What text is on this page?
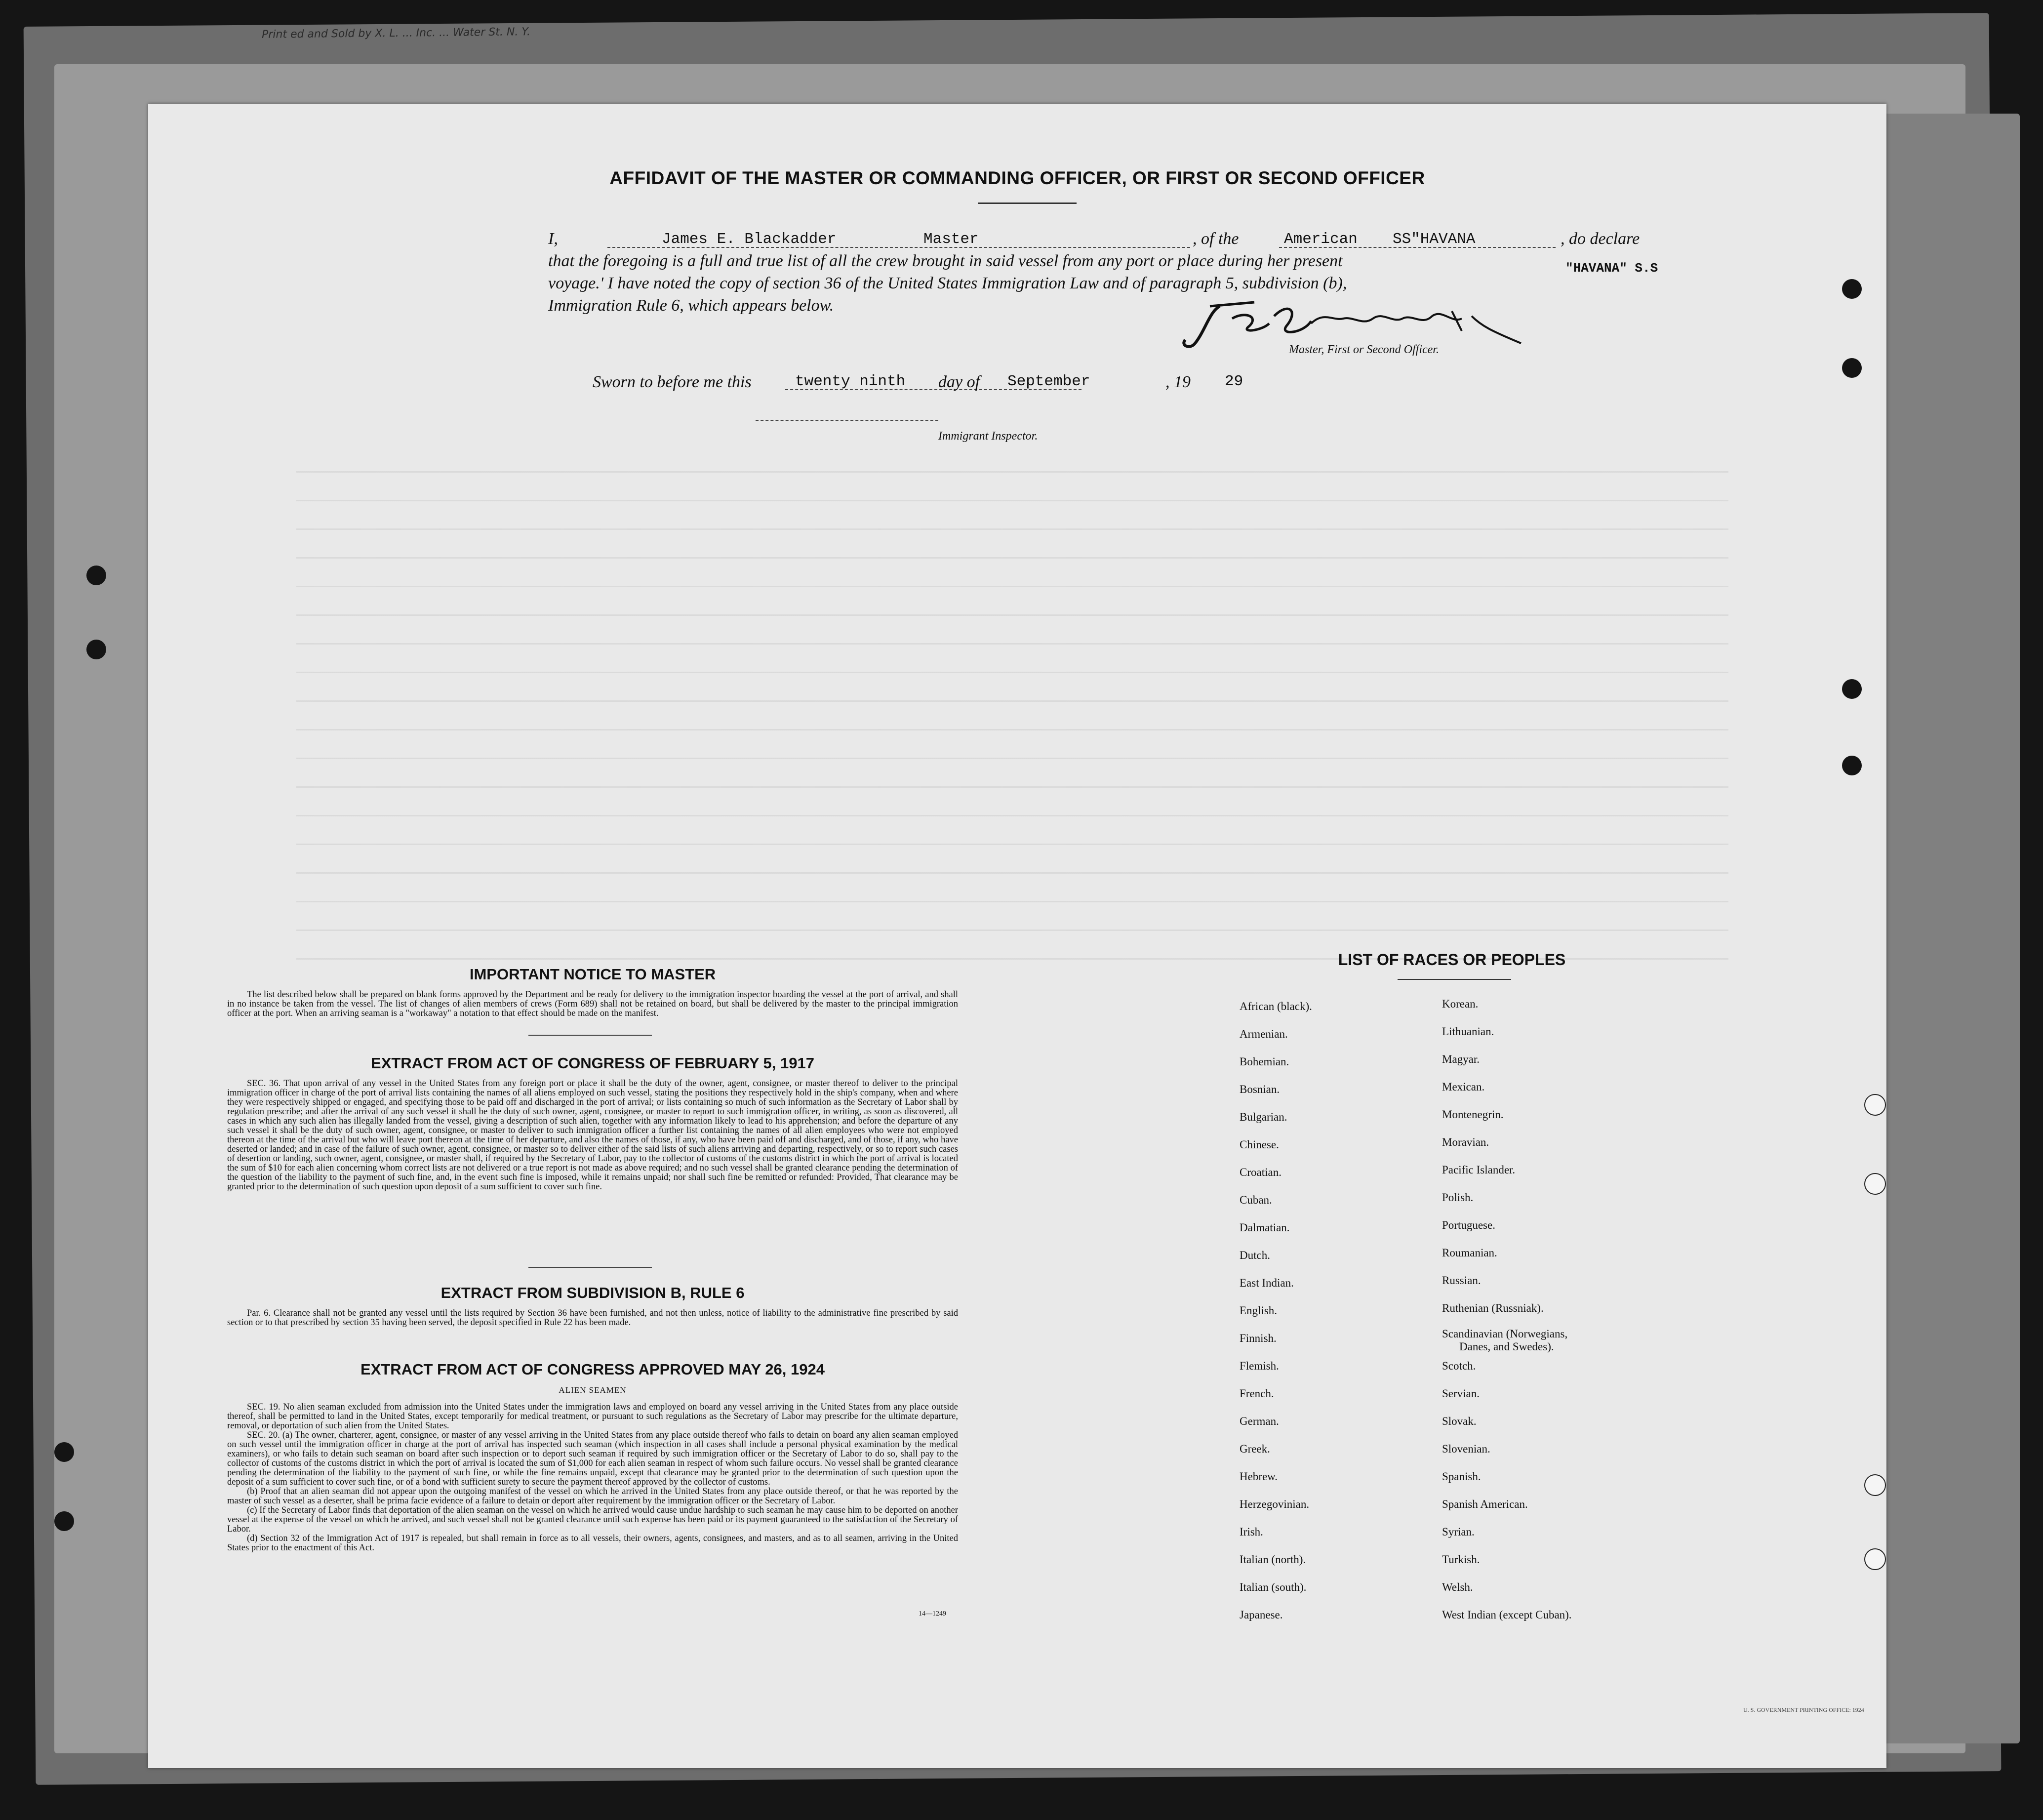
Print ed and Sold by X. L. ... Inc. ... Water St. N. Y.
AFFIDAVIT OF THE MASTER OR COMMANDING OFFICER, OR FIRST OR SECOND OFFICER
I,	James E. Blackadder	Master	, of the	American SS"HAVANA	, do declare
that the foregoing is a full and true list of all the crew brought in said vessel from any port or place during her present
voyage.' I have noted the copy of section 36 of the United States Immigration Law and of paragraph 5, subdivision (b),
Immigration Rule 6, which appears below.
"HAVANA" S.S
Master, First or Second Officer.
Sworn to before me this	twenty ninth day of September	, 19 29
Immigrant Inspector.
IMPORTANT NOTICE TO MASTER

The list described below shall be prepared on blank forms approved by the Department and be ready for delivery to the immigration inspector boarding the vessel at the port of arrival, and shall in no instance be taken from the vessel. The list of changes of alien members of crews (Form 689) shall not be retained on board, but shall be delivered by the master to the principal immigration officer at the port. When an arriving seaman is a "workaway" a notation to that effect should be made on the manifest.

EXTRACT FROM ACT OF CONGRESS OF FEBRUARY 5, 1917

SEC. 36. That upon arrival of any vessel in the United States from any foreign port or place it shall be the duty of the owner, agent, consignee, or master thereof to deliver to the principal immigration officer in charge of the port of arrival lists containing the names of all aliens employed on such vessel, stating the positions they respectively hold in the ship's company, when and where they were respectively shipped or engaged, and specifying those to be paid off and discharged in the port of arrival; or lists containing so much of such information as the Secretary of Labor shall by regulation prescribe; and after the arrival of any such vessel it shall be the duty of such owner, agent, consignee, or master to report to such immigration officer, in writing, as soon as discovered, all cases in which any such alien has illegally landed from the vessel, giving a description of such alien, together with any information likely to lead to his apprehension; and before the departure of any such vessel it shall be the duty of such owner, agent, consignee, or master to deliver to such immigration officer a further list containing the names of all alien employees who were not employed thereon at the time of the arrival but who will leave port thereon at the time of her departure, and also the names of those, if any, who have been paid off and discharged, and of those, if any, who have deserted or landed; and in case of the failure of such owner, agent, consignee, or master so to deliver either of the said lists of such aliens arriving and departing, respectively, or so to report such cases of desertion or landing, such owner, agent, consignee, or master shall, if required by the Secretary of Labor, pay to the collector of customs of the customs district in which the port of arrival is located the sum of $10 for each alien concerning whom correct lists are not delivered or a true report is not made as above required; and no such vessel shall be granted clearance pending the determination of the question of the liability to the payment of such fine, and, in the event such fine is imposed, while it remains unpaid; nor shall such fine be remitted or refunded: Provided, That clearance may be granted prior to the determination of such question upon deposit of a sum sufficient to cover such fine.

EXTRACT FROM SUBDIVISION B, RULE 6

Par. 6. Clearance shall not be granted any vessel until the lists required by Section 36 have been furnished, and not then unless, notice of liability to the administrative fine prescribed by said section or to that prescribed by section 35 having been served, the deposit specified in Rule 22 has been made.

EXTRACT FROM ACT OF CONGRESS APPROVED MAY 26, 1924
ALIEN SEAMEN

SEC. 19. No alien seaman excluded from admission into the United States under the immigration laws and employed on board any vessel arriving in the United States from any place outside thereof, shall be permitted to land in the United States, except temporarily for medical treatment, or pursuant to such regulations as the Secretary of Labor may prescribe for the ultimate departure, removal, or deportation of such alien from the United States.

SEC. 20. (a) The owner, charterer, agent, consignee, or master of any vessel arriving in the United States from any place outside thereof who fails to detain on board any alien seaman employed on such vessel until the immigration officer in charge at the port of arrival has inspected such seaman (which inspection in all cases shall include a personal physical examination by the medical examiners), or who fails to detain such seaman on board after such inspection or to deport such seaman if required by such immigration officer or the Secretary of Labor to do so, shall pay to the collector of customs of the customs district in which the port of arrival is located the sum of $1,000 for each alien seaman in respect of whom such failure occurs. No vessel shall be granted clearance pending the determination of the liability to the payment of such fine, or while the fine remains unpaid, except that clearance may be granted prior to the determination of such question upon the deposit of a sum sufficient to cover such fine, or of a bond with sufficient surety to secure the payment thereof approved by the collector of customs.

(b) Proof that an alien seaman did not appear upon the outgoing manifest of the vessel on which he arrived in the United States from any place outside thereof, or that he was reported by the master of such vessel as a deserter, shall be prima facie evidence of a failure to detain or deport after requirement by the immigration officer or the Secretary of Labor.

(c) If the Secretary of Labor finds that deportation of the alien seaman on the vessel on which he arrived would cause undue hardship to such seaman he may cause him to be deported on another vessel at the expense of the vessel on which he arrived, and such vessel shall not be granted clearance until such expense has been paid or its payment guaranteed to the satisfaction of the Secretary of Labor.

(d) Section 32 of the Immigration Act of 1917 is repealed, but shall remain in force as to all vessels, their owners, agents, consignees, and masters, and as to all seamen, arriving in the United States prior to the enactment of this Act.

14—1249
LIST OF RACES OR PEOPLES
African (black).
Armenian.
Bohemian.
Bosnian.
Bulgarian.
Chinese.
Croatian.
Cuban.
Dalmatian.
Dutch.
East Indian.
English.
Finnish.
Flemish.
French.
German.
Greek.
Hebrew.
Herzegovinian.
Irish.
Italian (north).
Italian (south).
Japanese.
Korean.
Lithuanian.
Magyar.
Mexican.
Montenegrin.
Moravian.
Pacific Islander.
Polish.
Portuguese.
Roumanian.
Russian.
Ruthenian (Russniak).
Scandinavian (Norwegians,
Danes, and Swedes).
Scotch.
Servian.
Slovak.
Slovenian.
Spanish.
Spanish American.
Syrian.
Turkish.
Welsh.
West Indian (except Cuban).
U. S. GOVERNMENT PRINTING OFFICE: 1924
